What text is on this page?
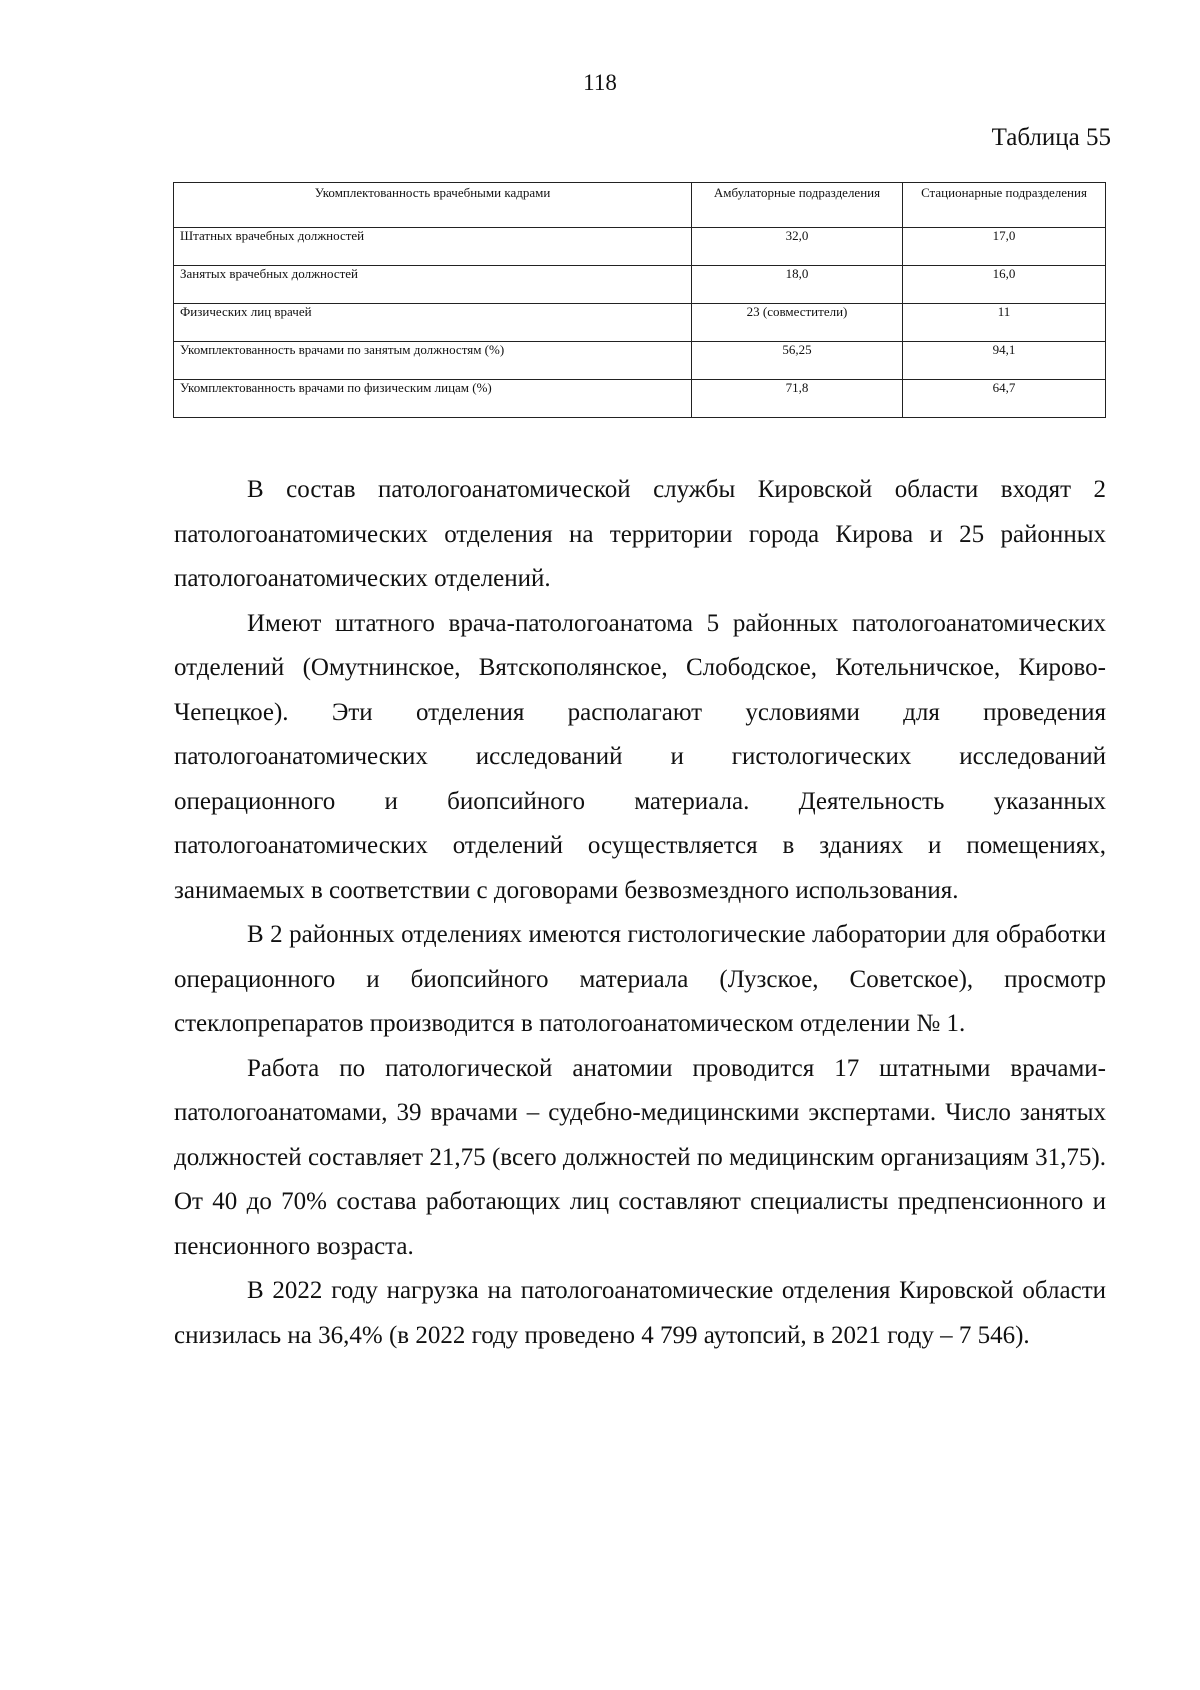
118
Таблица 55
Укомплектованность врачебными кадрами	Амбулаторные подразделения	Стационарные подразделения
Штатных врачебных должностей	32,0	17,0
Занятых врачебных должностей	18,0	16,0
Физических лиц врачей	23 (совместители)	11
Укомплектованность врачами по занятым должностям (%)	56,25	94,1
Укомплектованность врачами по физическим лицам (%)	71,8	64,7

В состав патологоанатомической службы Кировской области входят 2 патологоанатомических отделения на территории города Кирова и 25 районных патологоанатомических отделений.

Имеют штатного врача-патологоанатома 5 районных патологоанатомических отделений (Омутнинское, Вятскополянское, Слободское, Котельничское, Кирово-Чепецкое). Эти отделения располагают условиями для проведения патологоанатомических исследований и гистологических исследований операционного и биопсийного материала. Деятельность указанных патологоанатомических отделений осуществляется в зданиях и помещениях, занимаемых в соответствии с договорами безвозмездного использования.

В 2 районных отделениях имеются гистологические лаборатории для обработки операционного и биопсийного материала (Лузское, Советское), просмотр стеклопрепаратов производится в патологоанатомическом отделении № 1.

Работа по патологической анатомии проводится 17 штатными врачами-патологоанатомами, 39 врачами – судебно-медицинскими экспертами. Число занятых должностей составляет 21,75 (всего должностей по медицинским организациям 31,75). От 40 до 70% состава работающих лиц составляют специалисты предпенсионного и пенсионного возраста.

В 2022 году нагрузка на патологоанатомические отделения Кировской области снизилась на 36,4% (в 2022 году проведено 4 799 аутопсий, в 2021 году – 7 546).
